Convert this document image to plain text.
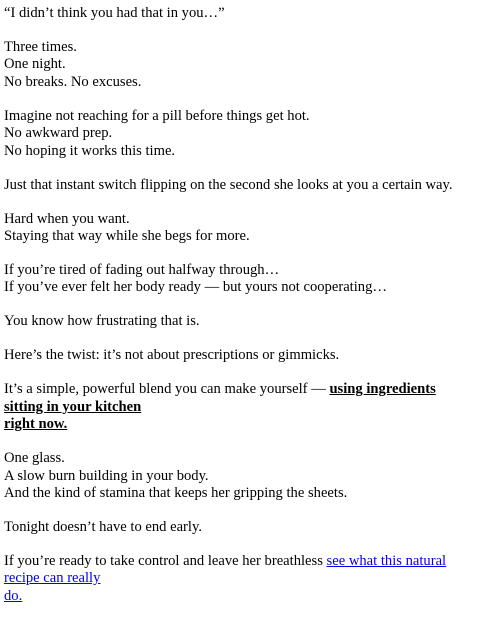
“I didn’t think you had that in you…”

Three times.
One night.
No breaks. No excuses.

Imagine not reaching for a pill before things get hot.
No awkward prep.
No hoping it works this time.

Just that instant switch flipping on the second she looks at you a certain way.

Hard when you want.
Staying that way while she begs for more.

If you’re tired of fading out halfway through…
If you’ve ever felt her body ready — but yours not cooperating…

You know how frustrating that is.

Here’s the twist: it’s not about prescriptions or gimmicks.

It’s a simple, powerful blend you can make yourself — using ingredients
sitting in your kitchen
right now.

One glass.
A slow burn building in your body.
And the kind of stamina that keeps her gripping the sheets.

Tonight doesn’t have to end early.

If you’re ready to take control and leave her breathless see what this natural
recipe can really
do.
